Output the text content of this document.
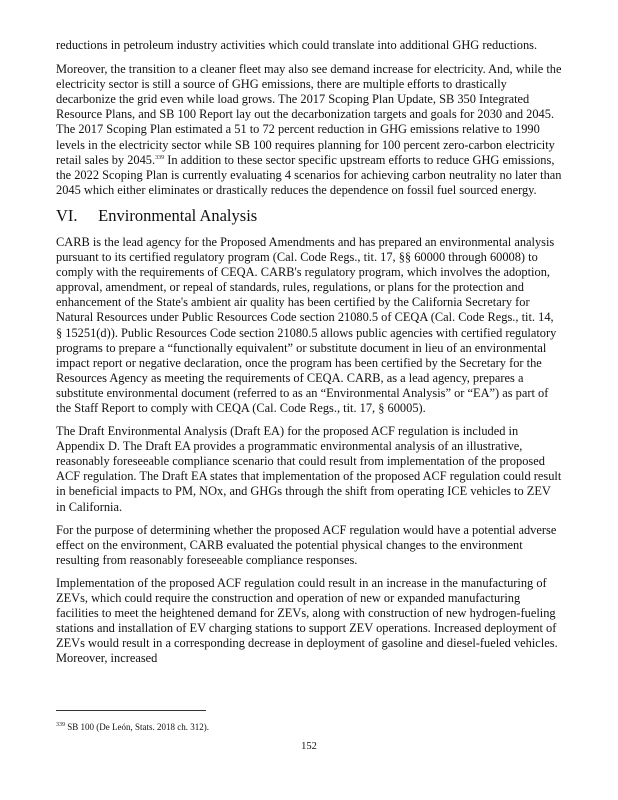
reductions in petroleum industry activities which could translate into additional GHG reductions.

Moreover, the transition to a cleaner fleet may also see demand increase for electricity. And, while the electricity sector is still a source of GHG emissions, there are multiple efforts to drastically decarbonize the grid even while load grows. The 2017 Scoping Plan Update, SB 350 Integrated Resource Plans, and SB 100 Report lay out the decarbonization targets and goals for 2030 and 2045. The 2017 Scoping Plan estimated a 51 to 72 percent reduction in GHG emissions relative to 1990 levels in the electricity sector while SB 100 requires planning for 100 percent zero-carbon electricity retail sales by 2045.$^{339}$ In addition to these sector specific upstream efforts to reduce GHG emissions, the 2022 Scoping Plan is currently evaluating 4 scenarios for achieving carbon neutrality no later than 2045 which either eliminates or drastically reduces the dependence on fossil fuel sourced energy.

VI. Environmental Analysis

CARB is the lead agency for the Proposed Amendments and has prepared an environmental analysis pursuant to its certified regulatory program (Cal. Code Regs., tit. 17, §§ 60000 through 60008) to comply with the requirements of CEQA. CARB's regulatory program, which involves the adoption, approval, amendment, or repeal of standards, rules, regulations, or plans for the protection and enhancement of the State's ambient air quality has been certified by the California Secretary for Natural Resources under Public Resources Code section 21080.5 of CEQA (Cal. Code Regs., tit. 14, § 15251(d)). Public Resources Code section 21080.5 allows public agencies with certified regulatory programs to prepare a “functionally equivalent” or substitute document in lieu of an environmental impact report or negative declaration, once the program has been certified by the Secretary for the Resources Agency as meeting the requirements of CEQA. CARB, as a lead agency, prepares a substitute environmental document (referred to as an “Environmental Analysis” or “EA”) as part of the Staff Report to comply with CEQA (Cal. Code Regs., tit. 17, § 60005).

The Draft Environmental Analysis (Draft EA) for the proposed ACF regulation is included in Appendix D. The Draft EA provides a programmatic environmental analysis of an illustrative, reasonably foreseeable compliance scenario that could result from implementation of the proposed ACF regulation. The Draft EA states that implementation of the proposed ACF regulation could result in beneficial impacts to PM, NOx, and GHGs through the shift from operating ICE vehicles to ZEV in California.

For the purpose of determining whether the proposed ACF regulation would have a potential adverse effect on the environment, CARB evaluated the potential physical changes to the environment resulting from reasonably foreseeable compliance responses.

Implementation of the proposed ACF regulation could result in an increase in the manufacturing of ZEVs, which could require the construction and operation of new or expanded manufacturing facilities to meet the heightened demand for ZEVs, along with construction of new hydrogen-fueling stations and installation of EV charging stations to support ZEV operations. Increased deployment of ZEVs would result in a corresponding decrease in deployment of gasoline and diesel-fueled vehicles. Moreover, increased

$^{339}$ SB 100 (De León, Stats. 2018 ch. 312).
152
